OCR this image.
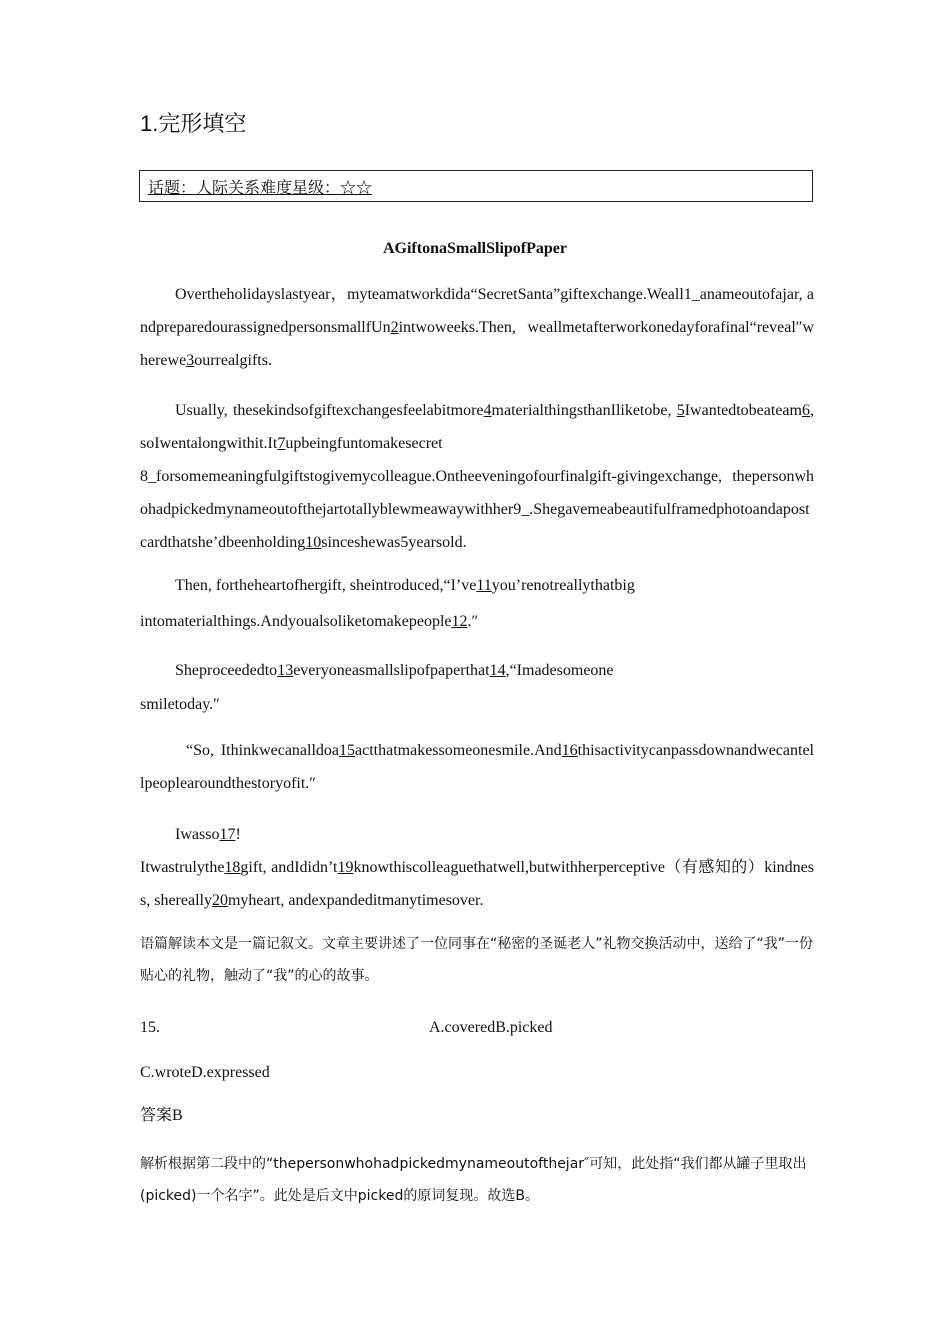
1.完形填空
话题：人际关系难度星级：☆☆
AGiftonaSmallSlipofPaper
Overtheholidayslastyear，myteamatworkdida“SecretSanta”giftexchange.Weall1_anameoutofajar, andpreparedourassignedpersonsmallfUn2intwoweeks.Then, weallmetafterworkonedayforafinal“reveal″wherewe3ourrealgifts.
Usually, thesekindsofgiftexchangesfeelabitmore4materialthingsthanIliketobe, 5Iwantedtobeateam6, soIwentalongwithit.It7upbeingfuntomakesecret
8_forsomemeaningfulgiftstogivemycolleague.Ontheeveningofourfinalgift-givingexchange, thepersonwhohadpickedmynameoutofthejartotallyblewmeawaywithher9_.Shegavemeabeautifulframedphotoandapostcardthatshe’dbeenholding10sinceshewas5yearsold.
Then, fortheheartofhergift, sheintroduced,“I’ve11you’renotreallythatbig
intomaterialthings.Andyoualsoliketomakepeople12.″
Sheproceededto13everyoneasmallslipofpaperthat14,“Imadesomeone
smiletoday.″
“So, Ithinkwecanalldoa15actthatmakessomeonesmile.And16thisactivitycanpassdownandwecantellpeoplearoundthestoryofit.″
Iwasso17!
Itwastrulythe18gift, andIdidn’t19knowthiscolleaguethatwell,butwithherperceptive（有感知的）kindness, shereally20myheart, andexpandeditmanytimesover.
语篇解读本文是一篇记叙文。文章主要讲述了一位同事在“秘密的圣诞老人”礼物交换活动中，送给了“我”一份贴心的礼物，触动了“我”的心的故事。
15.	A.coveredB.picked
C.wroteD.expressed
答案B
解析根据第二段中的“thepersonwhohadpickedmynameoutofthejar″可知，此处指“我们都从罐子里取出(picked)一个名字”。此处是后文中picked的原词复现。故选B。
